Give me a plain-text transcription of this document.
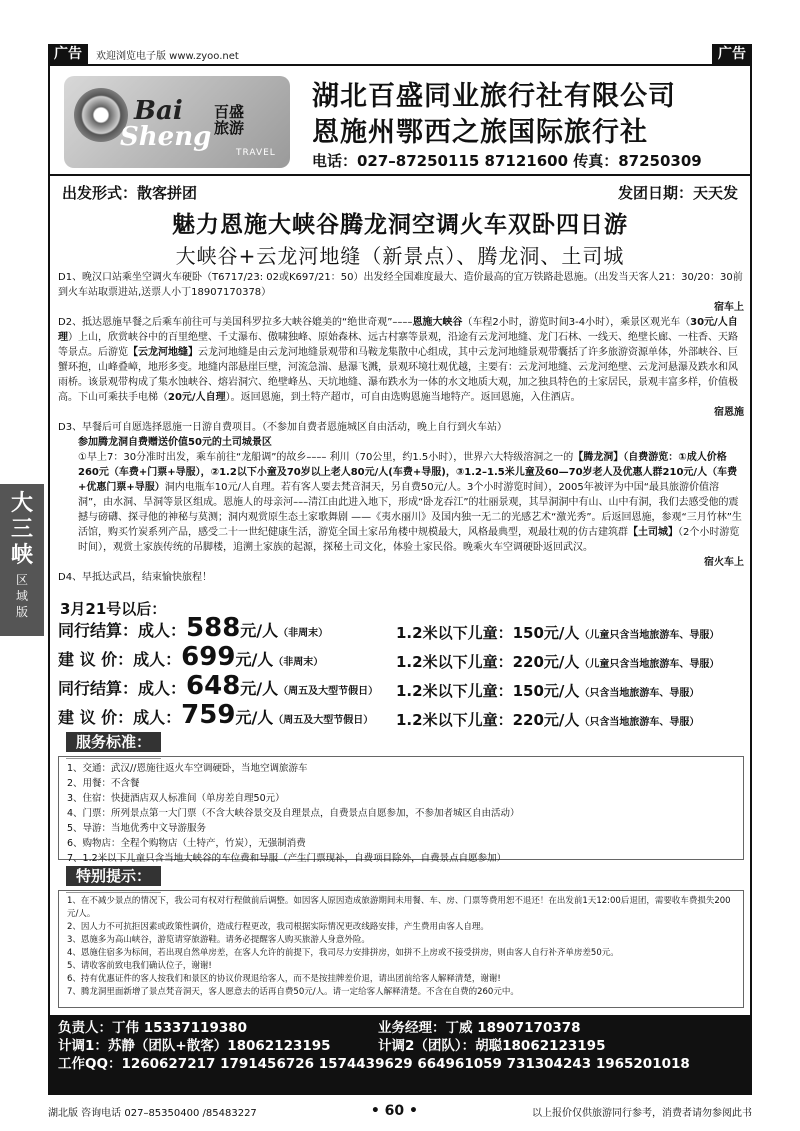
广告	欢迎浏览电子版 www.zyoo.net	广告
大三峡
区域版
Bai
Sheng
百盛旅游
TRAVEL
湖北百盛同业旅行社有限公司
恩施州鄂西之旅国际旅行社
电话：027–87250115 87121600 传真：87250309
出发形式：散客拼团	发团日期：天天发
魅力恩施大峡谷腾龙洞空调火车双卧四日游
大峡谷+云龙河地缝（新景点）、腾龙洞、土司城

D1、晚汉口站乘坐空调火车硬卧（T6717/23: 02或K697/21：50）出发经全国难度最大、造价最高的宜万铁路赴恩施。（出发当天客人21：30/20：30前到火车站取票进站,送票人小丁18907170378）

宿车上

D2、抵达恩施早餐之后乘车前往可与美国科罗拉多大峡谷媲美的“绝世奇观”––––恩施大峡谷（车程2小时，游览时间3-4小时），乘景区观光车（30元/人自理）上山，欣赏峡谷中的百里绝壁、千丈瀑布、傲啸独峰、原始森林、远古村寨等景观，沿途有云龙河地缝、龙门石林、一线天、绝壁长廊、一柱香、天路等景点。后游览【云龙河地缝】云龙河地缝是由云龙河地缝景观带和马鞍龙集散中心组成，其中云龙河地缝景观带囊括了许多旅游资源单体，外部峡谷、巨蟹环抱，山峰叠嶂，地形多变。地缝内部悬崖巨壁，河流急湍、悬瀑飞溅，景观环境壮观优越，主要有：云龙河地缝、云龙河绝壁、云龙河悬瀑及跌水和风雨桥。该景观带构成了集水蚀峡谷、熔岩洞穴、绝壁峰丛、天坑地缝、瀑布跌水为一体的水文地质大观，加之独具特色的土家居民，景观丰富多样，价值极高。下山可乘扶手电梯（20元/人自理）。返回恩施，到土特产超市，可自由选购恩施当地特产。返回恩施，入住酒店。

宿恩施

D3、早餐后可自愿选择恩施一日游自费项目。（不参加自费者恩施城区自由活动，晚上自行到火车站）

参加腾龙洞自费赠送价值50元的土司城景区

①早上7：30分准时出发，乘车前往“龙船调”的故乡–––– 利川（70公里，约1.5小时），世界六大特级溶洞之一的【腾龙洞】（自费游览：①成人价格260元（车费+门票+导服），②1.2以下小童及70岁以上老人80元/人(车费+导服)，③1.2–1.5米儿童及60—70岁老人及优惠人群210元/人（车费+优惠门票+导服）洞内电瓶车10元/人自理。若有客人要去梵音洞天，另自费50元/人。3个小时游览时间），2005年被评为中国“最具旅游价值溶洞”，由水洞、旱洞等景区组成。恩施人的母亲河–––清江由此进入地下，形成“卧龙吞江”的壮丽景观，其旱洞洞中有山、山中有洞，我们去感受他的震撼与磅礴、探寻他的神秘与莫测；洞内观赏原生态土家歌舞剧 ——《夷水丽川》及国内独一无二的光感艺术“激光秀”。后返回恩施，参观“三月竹林”生活馆，购买竹炭系列产品，感受二十一世纪健康生活，游览全国土家吊角楼中规模最大，风格最典型，观最壮观的仿古建筑群【土司城】（2个小时游览时间），观赏土家族传统的吊脚楼，追溯土家族的起源，探秘土司文化，体验土家民俗。晚乘火车空调硬卧返回武汉。

宿火车上

D4、早抵达武昌，结束愉快旅程！

3月21号以后：
同行结算：成人：588元/人（非周末）	1.2米以下儿童：150元/人（儿童只含当地旅游车、导服）
建 议 价：成人：699元/人（非周末）	1.2米以下儿童：220元/人（儿童只含当地旅游车、导服）
同行结算：成人：648元/人（周五及大型节假日） 1.2米以下儿童：150元/人（只含当地旅游车、导服）
建 议 价：成人：759元/人（周五及大型节假日） 1.2米以下儿童：220元/人（只含当地旅游车、导服）
服务标准：

1、交通：武汉//恩施往返火车空调硬卧，当地空调旅游车

2、用餐：不含餐

3、住宿：快捷酒店双人标准间（单房差自理50元）

4、门票：所列景点第一大门票（不含大峡谷景交及自理景点，自费景点自愿参加，不参加者城区自由活动）

5、导游：当地优秀中文导游服务

6、购物店：全程个购物店（土特产，竹炭），无强制消费

7、1.2米以下儿童只含当地大峡谷的车位费和导服（产生门票现补，自费项目除外，自费景点自愿参加）

特别提示：

1、在不减少景点的情况下，我公司有权对行程做前后调整。如因客人原因造成旅游期间未用餐、车、房、门票等费用恕不退还！在出发前1天12:00后退团，需要收车费损失200元/人。

2、因人力不可抗拒因素或政策性调价，造成行程更改，我司根据实际情况更改线路安排，产生费用由客人自理。

3、恩施多为高山峡谷，游览请穿旅游鞋。请务必提醒客人购买旅游人身意外险。

4、恩施住宿多为标间，若出现自然单房差，在客人允许的前提下，我司尽力安排拼房，如拼不上房或不接受拼房，则由客人自行补齐单房差50元。

5、请收客前致电我们确认位子，谢谢!

6、持有优惠证件的客人按我们和景区的协议价现退给客人，而不是按挂牌差价退，请出团前给客人解释清楚，谢谢!

7、腾龙洞里面新增了景点梵音洞天，客人愿意去的话再自费50元/人。请一定给客人解释清楚。不含在自费的260元中。

负责人：丁伟 15337119380	业务经理：丁威 18907170378
计调1：苏静（团队+散客）18062123195	计调2（团队）：胡聪18062123195
工作QQ：1260627217 1791456726 1574439629 664961059 731304243 1965201018
湖北版 咨询电话 027–85350400 /85483227	• 60 •	以上报价仅供旅游同行参考，消费者请勿参阅此书
